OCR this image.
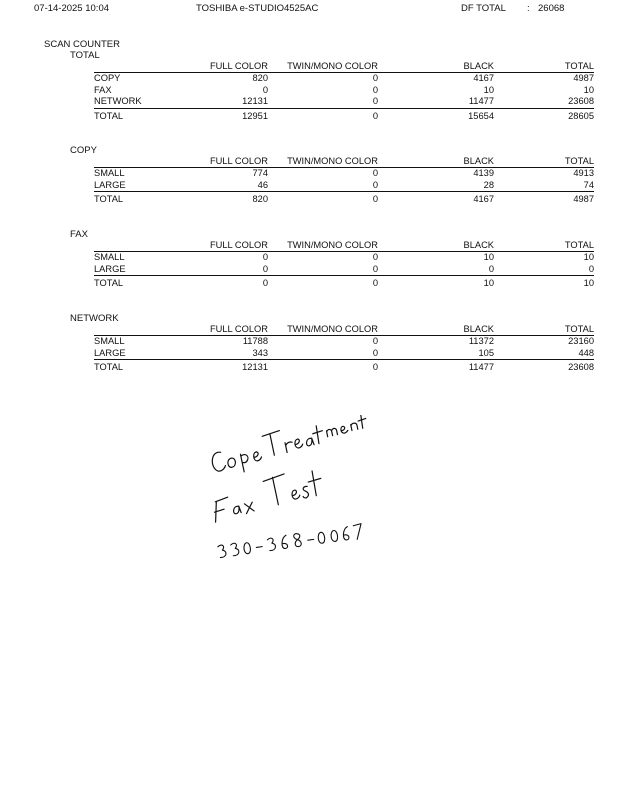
07-14-2025 10:04	TOSHIBA e-STUDIO4525AC	DF TOTAL : 26068
SCAN COUNTER
TOTAL
	FULL COLOR	TWIN/MONO COLOR	BLACK	TOTAL
COPY	820	0	4167	4987
FAX	0	0	10	10
NETWORK	12131	0	11477	23608
TOTAL	12951	0	15654	28605
COPY
	FULL COLOR	TWIN/MONO COLOR	BLACK	TOTAL
SMALL	774	0	4139	4913
LARGE	46	0	28	74
TOTAL	820	0	4167	4987
FAX
	FULL COLOR	TWIN/MONO COLOR	BLACK	TOTAL
SMALL	0	0	10	10
LARGE	0	0	0	0
TOTAL	0	0	10	10
NETWORK
	FULL COLOR	TWIN/MONO COLOR	BLACK	TOTAL
SMALL	11788	0	11372	23160
LARGE	343	0	105	448
TOTAL	12131	0	11477	23608
